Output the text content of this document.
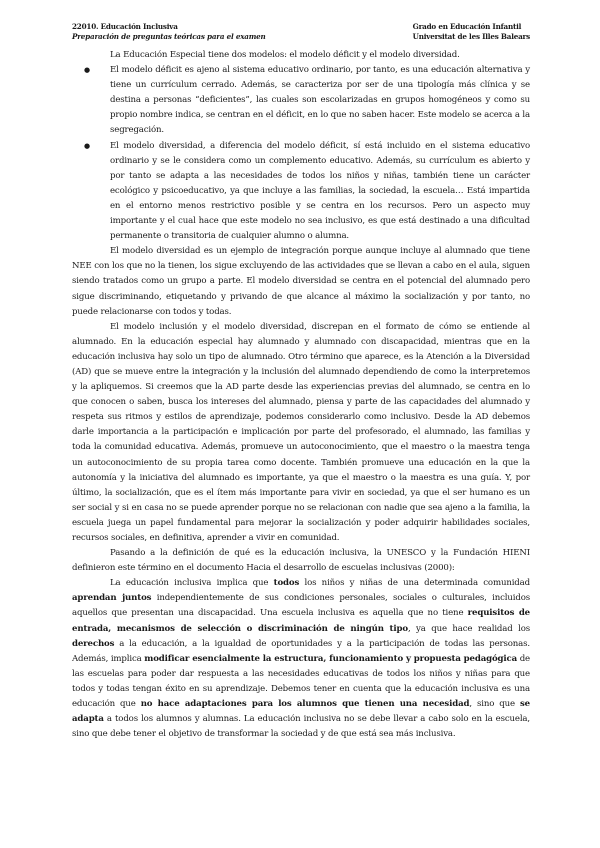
22010. Educación Inclusiva
Preparación de preguntas teóricas para el examen
Grado en Educación Infantil
Universitat de les Illes Balears

La Educación Especial tiene dos modelos: el modelo déficit y el modelo diversidad.

● El modelo déficit es ajeno al sistema educativo ordinario, por tanto, es una educación alternativa y tiene un currículum cerrado. Además, se caracteriza por ser de una tipología más clínica y se destina a personas “deficientes”, las cuales son escolarizadas en grupos homogéneos y como su propio nombre indica, se centran en el déficit, en lo que no saben hacer. Este modelo se acerca a la segregación.
● El modelo diversidad, a diferencia del modelo déficit, sí está incluido en el sistema educativo ordinario y se le considera como un complemento educativo. Además, su currículum es abierto y por tanto se adapta a las necesidades de todos los niños y niñas, también tiene un carácter ecológico y psicoeducativo, ya que incluye a las familias, la sociedad, la escuela… Está impartida en el entorno menos restrictivo posible y se centra en los recursos. Pero un aspecto muy importante y el cual hace que este modelo no sea inclusivo, es que está destinado a una dificultad permanente o transitoria de cualquier alumno o alumna.

El modelo diversidad es un ejemplo de integración porque aunque incluye al alumnado que tiene NEE con los que no la tienen, los sigue excluyendo de las actividades que se llevan a cabo en el aula, siguen siendo tratados como un grupo a parte. El modelo diversidad se centra en el potencial del alumnado pero sigue discriminando, etiquetando y privando de que alcance al máximo la socialización y por tanto, no puede relacionarse con todos y todas.

El modelo inclusión y el modelo diversidad, discrepan en el formato de cómo se entiende al alumnado. En la educación especial hay alumnado y alumnado con discapacidad, mientras que en la educación inclusiva hay solo un tipo de alumnado. Otro término que aparece, es la Atención a la Diversidad (AD) que se mueve entre la integración y la inclusión del alumnado dependiendo de como la interpretemos y la apliquemos. Si creemos que la AD parte desde las experiencias previas del alumnado, se centra en lo que conocen o saben, busca los intereses del alumnado, piensa y parte de las capacidades del alumnado y respeta sus ritmos y estilos de aprendizaje, podemos considerarlo como inclusivo. Desde la AD debemos darle importancia a la participación e implicación por parte del profesorado, el alumnado, las familias y toda la comunidad educativa. Además, promueve un autoconocimiento, que el maestro o la maestra tenga un autoconocimiento de su propia tarea como docente. También promueve una educación en la que la autonomía y la iniciativa del alumnado es importante, ya que el maestro o la maestra es una guía. Y, por último, la socialización, que es el ítem más importante para vivir en sociedad, ya que el ser humano es un ser social y si en casa no se puede aprender porque no se relacionan con nadie que sea ajeno a la familia, la escuela juega un papel fundamental para mejorar la socialización y poder adquirir habilidades sociales, recursos sociales, en definitiva, aprender a vivir en comunidad.

Pasando a la definición de qué es la educación inclusiva, la UNESCO y la Fundación HIENI definieron este término en el documento Hacia el desarrollo de escuelas inclusivas (2000):

La educación inclusiva implica que todos los niños y niñas de una determinada comunidad aprendan juntos independientemente de sus condiciones personales, sociales o culturales, incluidos aquellos que presentan una discapacidad. Una escuela inclusiva es aquella que no tiene requisitos de entrada, mecanismos de selección o discriminación de ningún tipo, ya que hace realidad los derechos a la educación, a la igualdad de oportunidades y a la participación de todas las personas. Además, implica modificar esencialmente la estructura, funcionamiento y propuesta pedagógica de las escuelas para poder dar respuesta a las necesidades educativas de todos los niños y niñas para que todos y todas tengan éxito en su aprendizaje. Debemos tener en cuenta que la educación inclusiva es una educación que no hace adaptaciones para los alumnos que tienen una necesidad, sino que se adapta a todos los alumnos y alumnas. La educación inclusiva no se debe llevar a cabo solo en la escuela, sino que debe tener el objetivo de transformar la sociedad y de que está sea más inclusiva.
